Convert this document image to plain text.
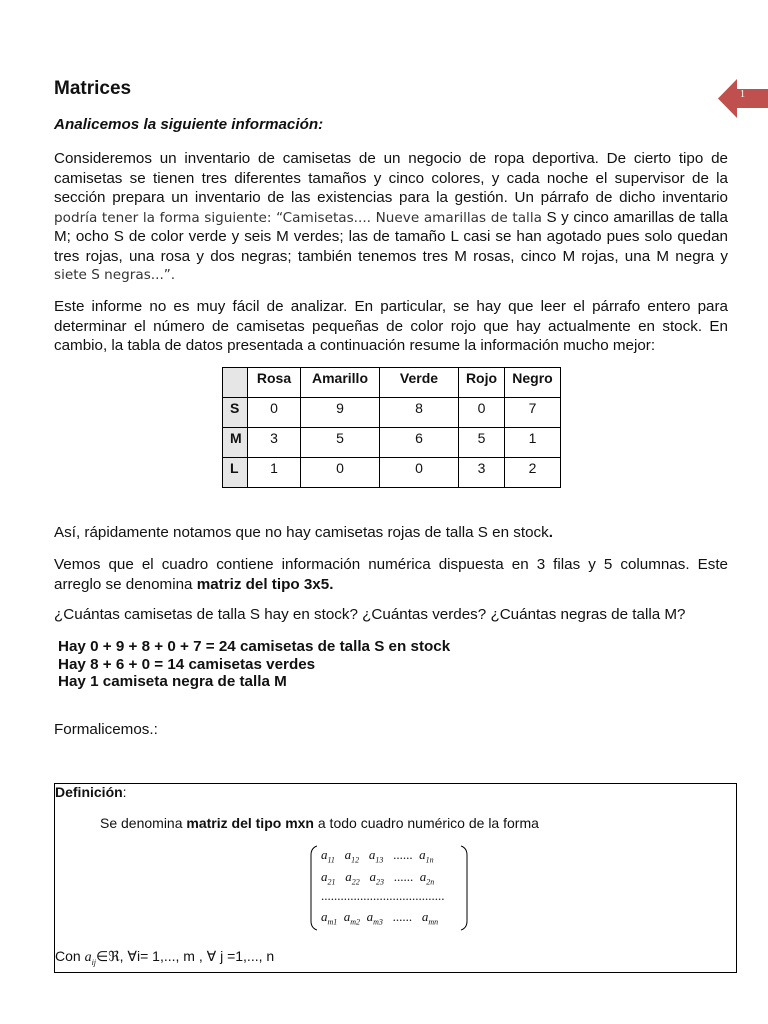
1
Matrices
Analicemos la siguiente información:
Consideremos un inventario de camisetas de un negocio de ropa deportiva. De cierto tipo de
camisetas se tienen tres diferentes tamaños y cinco colores, y cada noche el supervisor de la
sección prepara un inventario de las existencias para la gestión. Un párrafo de dicho inventario
podría tener la forma siguiente: “Camisetas.... Nueve amarillas de talla S y cinco amarillas de talla
M; ocho S de color verde y seis M verdes; las de tamaño L casi se han agotado pues solo quedan
tres rojas, una rosa y dos negras; también tenemos tres M rosas, cinco M rojas, una M negra y
siete S negras...”.
Este informe no es muy fácil de analizar. En particular, se hay que leer el párrafo entero para
determinar el número de camisetas pequeñas de color rojo que hay actualmente en stock. En
cambio, la tabla de datos presentada a continuación resume la información mucho mejor:
	Rosa	Amarillo	Verde	Rojo	Negro
S	0	9	8	0	7
M	3	5	6	5	1
L	1	0	0	3	2
Así, rápidamente notamos que no hay camisetas rojas de talla S en stock.
Vemos que el cuadro contiene información numérica dispuesta en 3 filas y 5 columnas. Este
arreglo se denomina matriz del tipo 3x5.
¿Cuántas camisetas de talla S hay en stock? ¿Cuántas verdes? ¿Cuántas negras de talla M?
Hay 0 + 9 + 8 + 0 + 7 = 24 camisetas de talla S en stock
Hay 8 + 6 + 0 = 14 camisetas verdes
Hay 1 camiseta negra de talla M
Formalicemos.:
Definición:
Se denomina matriz del tipo mxn a todo cuadro numérico de la forma
$a_{11}$   $a_{12}$   $a_{13}$ ......  $a_{1n}$
$a_{21}$   $a_{22}$   $a_{23}$ ......  $a_{2n}$
......................................
$a_{m1}$  $a_{m2}$  $a_{m3}$ ......   $a_{mn}$
Con $a_{ij}\in ℜ$, ∀i= 1,..., m , ∀ j =1,..., n
